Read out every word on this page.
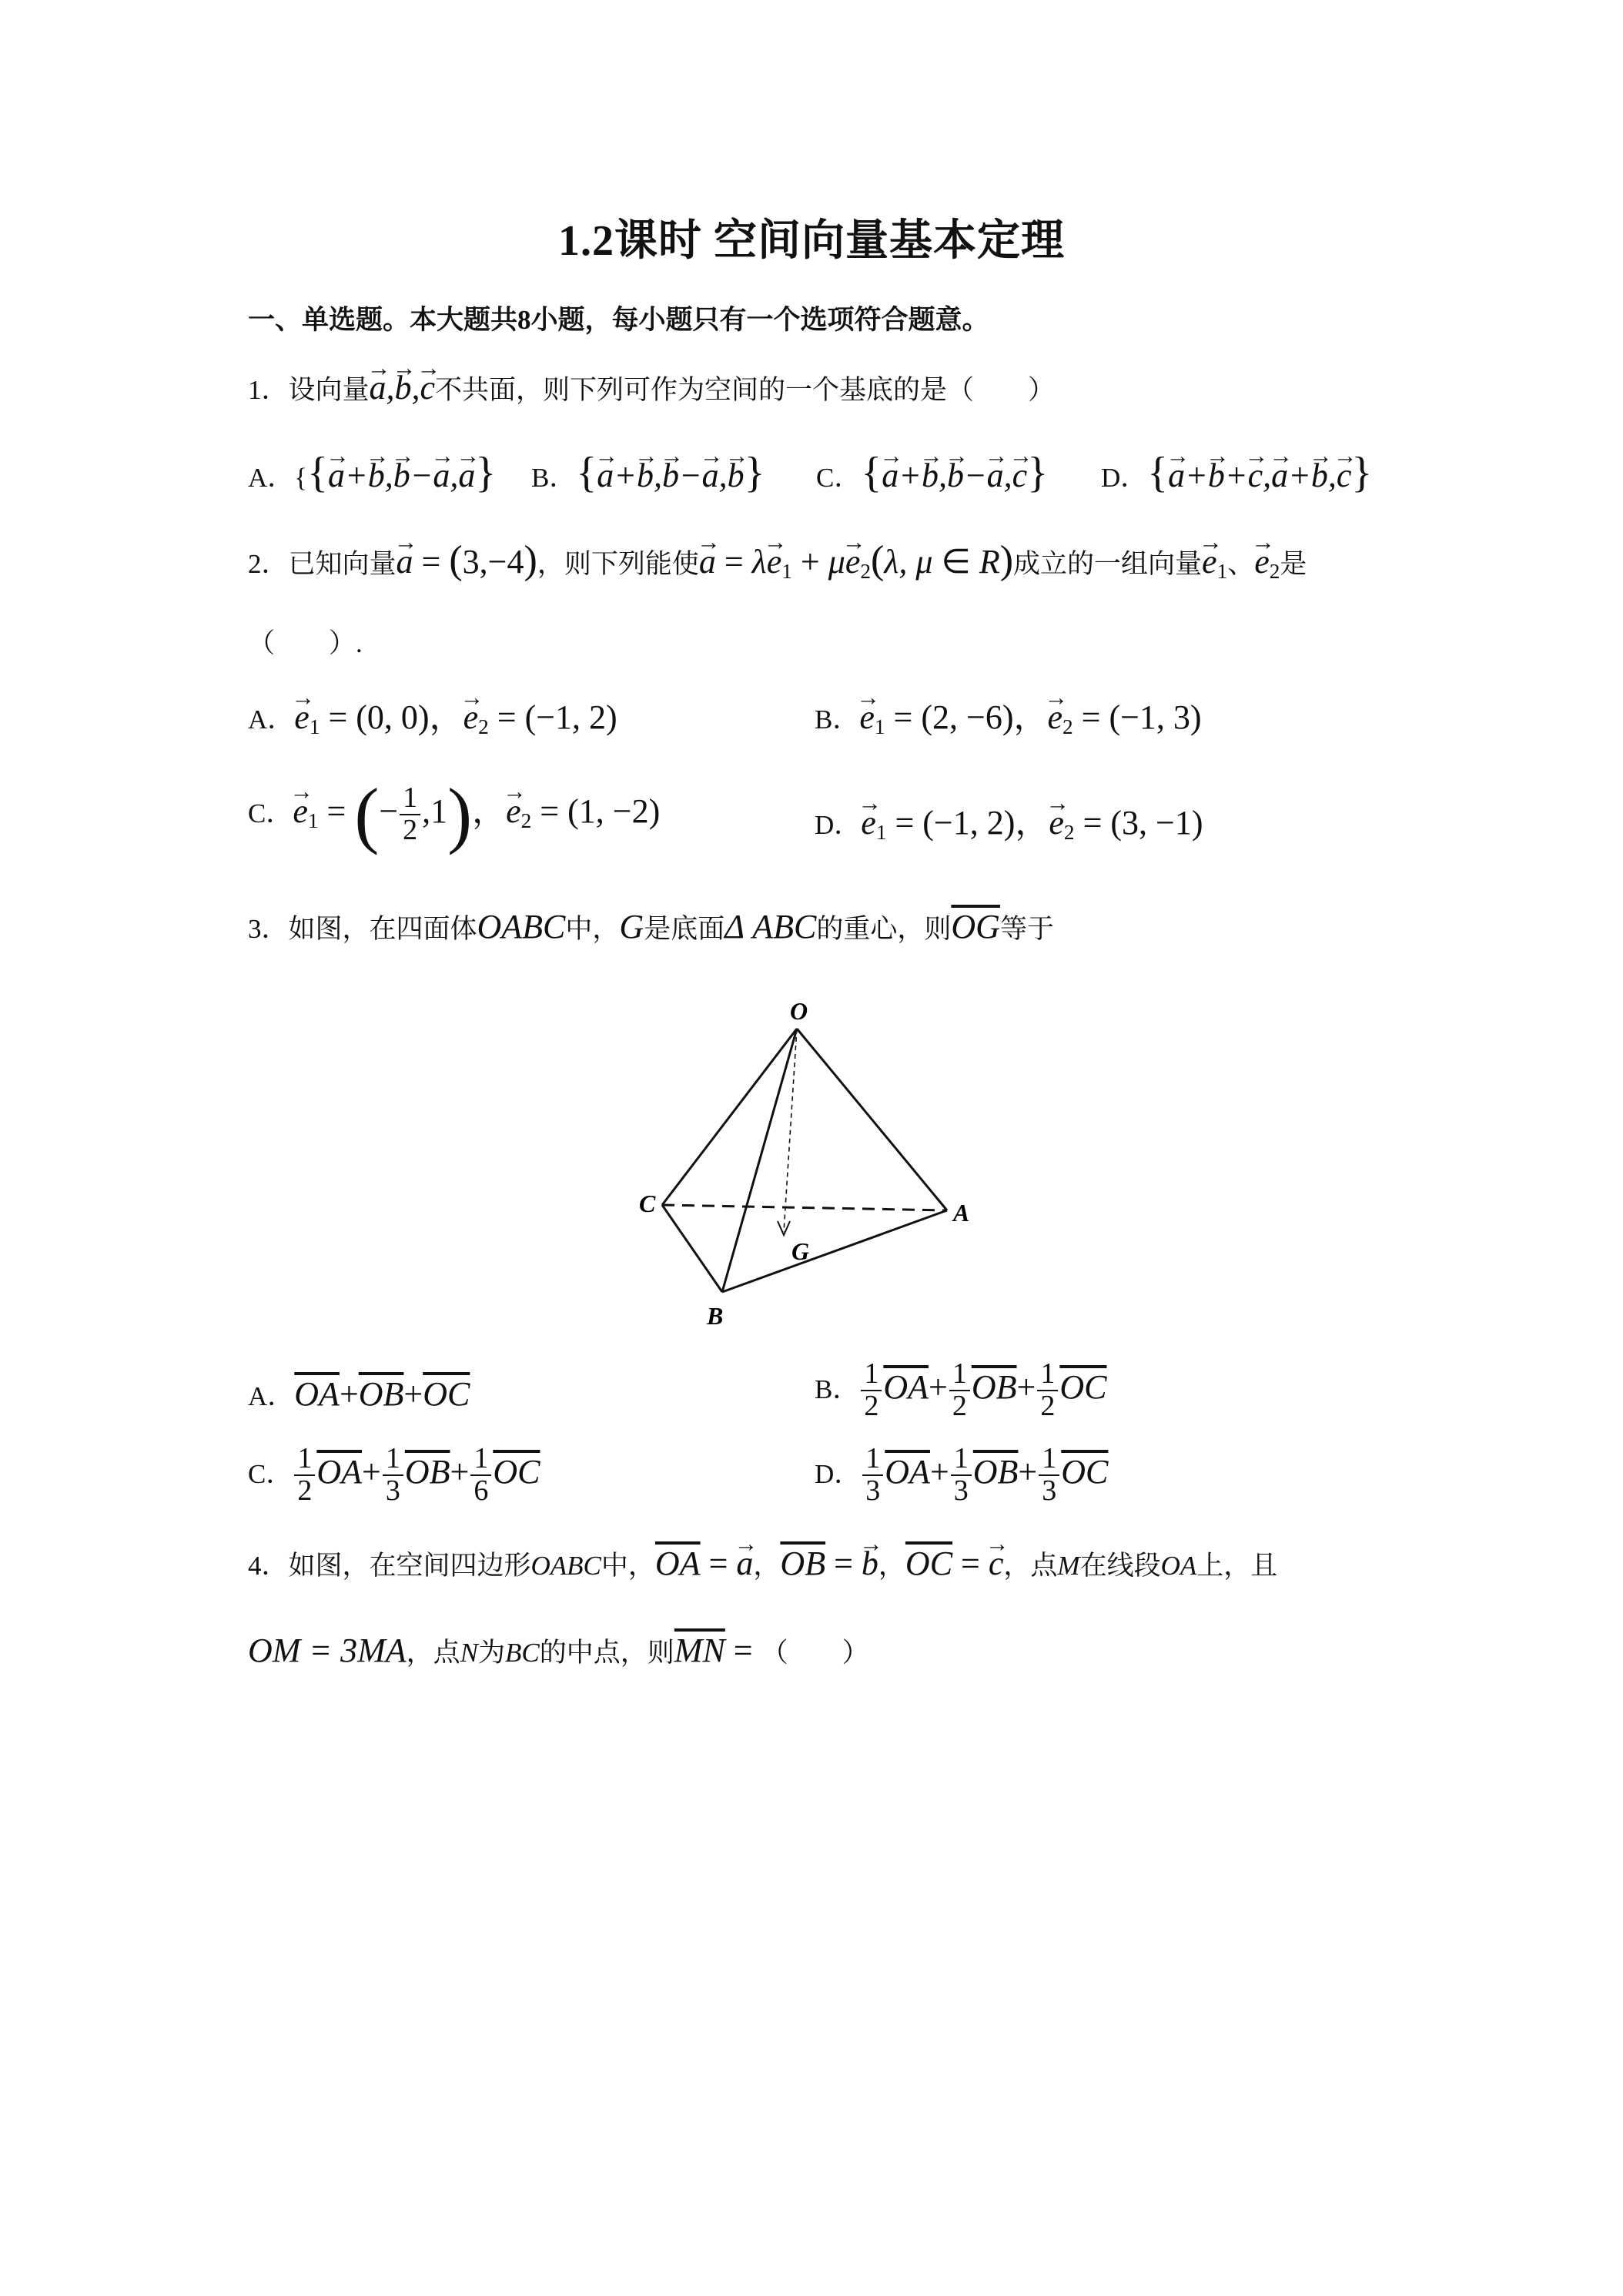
1.2课时 空间向量基本定理
一、单选题。本大题共8小题，每小题只有一个选项符合题意。
1．设向量→ a,→ b,→ c不共面，则下列可作为空间的一个基底的是（　　）
A．{{→ a+→ b,→ b−→ a,→ a} B．{→ a+→ b,→ b−→ a,→ b} C．{→ a+→ b,→ b−→ a,→ c} D．{→ a+→ b+→ c,→ a+→ b,→ c}
2．已知向量→ a = (3,−4)，则下列能使→ $a = \lambda\to e_1 + \mu\to e_2(\lambda$, μ ∈ R)成立的一组向量→ $e_1$、→ $e_2$是
（　　）.
A．→ $e_1 = (0$, 0)，→ $e_2 = (-1$, 2)	B．→ $e_1 = (2$, −6)，→ $e_2 = (-1$, 3)
C．→ $e_1$ = (− $\frac{1}{2} ,1$)，→ $e_2 = (1$, −2)	D．→ $e_1 = (-1$, 2)，→ $e_2 = (3$, −1)
3．如图，在四面体OABC中，G是底面Δ ABC的重心，则$\overline{OG}$等于
O
A
B
C
G
A．$\overline{OA}+\overline{OB}+\overline{OC}$	B． $\frac{1}{2} \overline{OA}+ \frac{1}{2} \overline{OB}+ \frac{1}{2} \overline{OC}$
C． $\frac{1}{2} \overline{OA}+ \frac{1}{3} \overline{OB}+ \frac{1}{6} \overline{OC}$	D． $\frac{1}{3} \overline{OA}+ \frac{1}{3} \overline{OB}+ \frac{1}{3} \overline{OC}$
4．如图，在空间四边形OABC中，$\overline{OA}$ = → a，$\overline{OB}$ = → b，$\overline{OC}$ = → c，点M在线段OA上，且
OM = 3MA，点N为BC的中点，则$\overline{MN}$ = （　　）
